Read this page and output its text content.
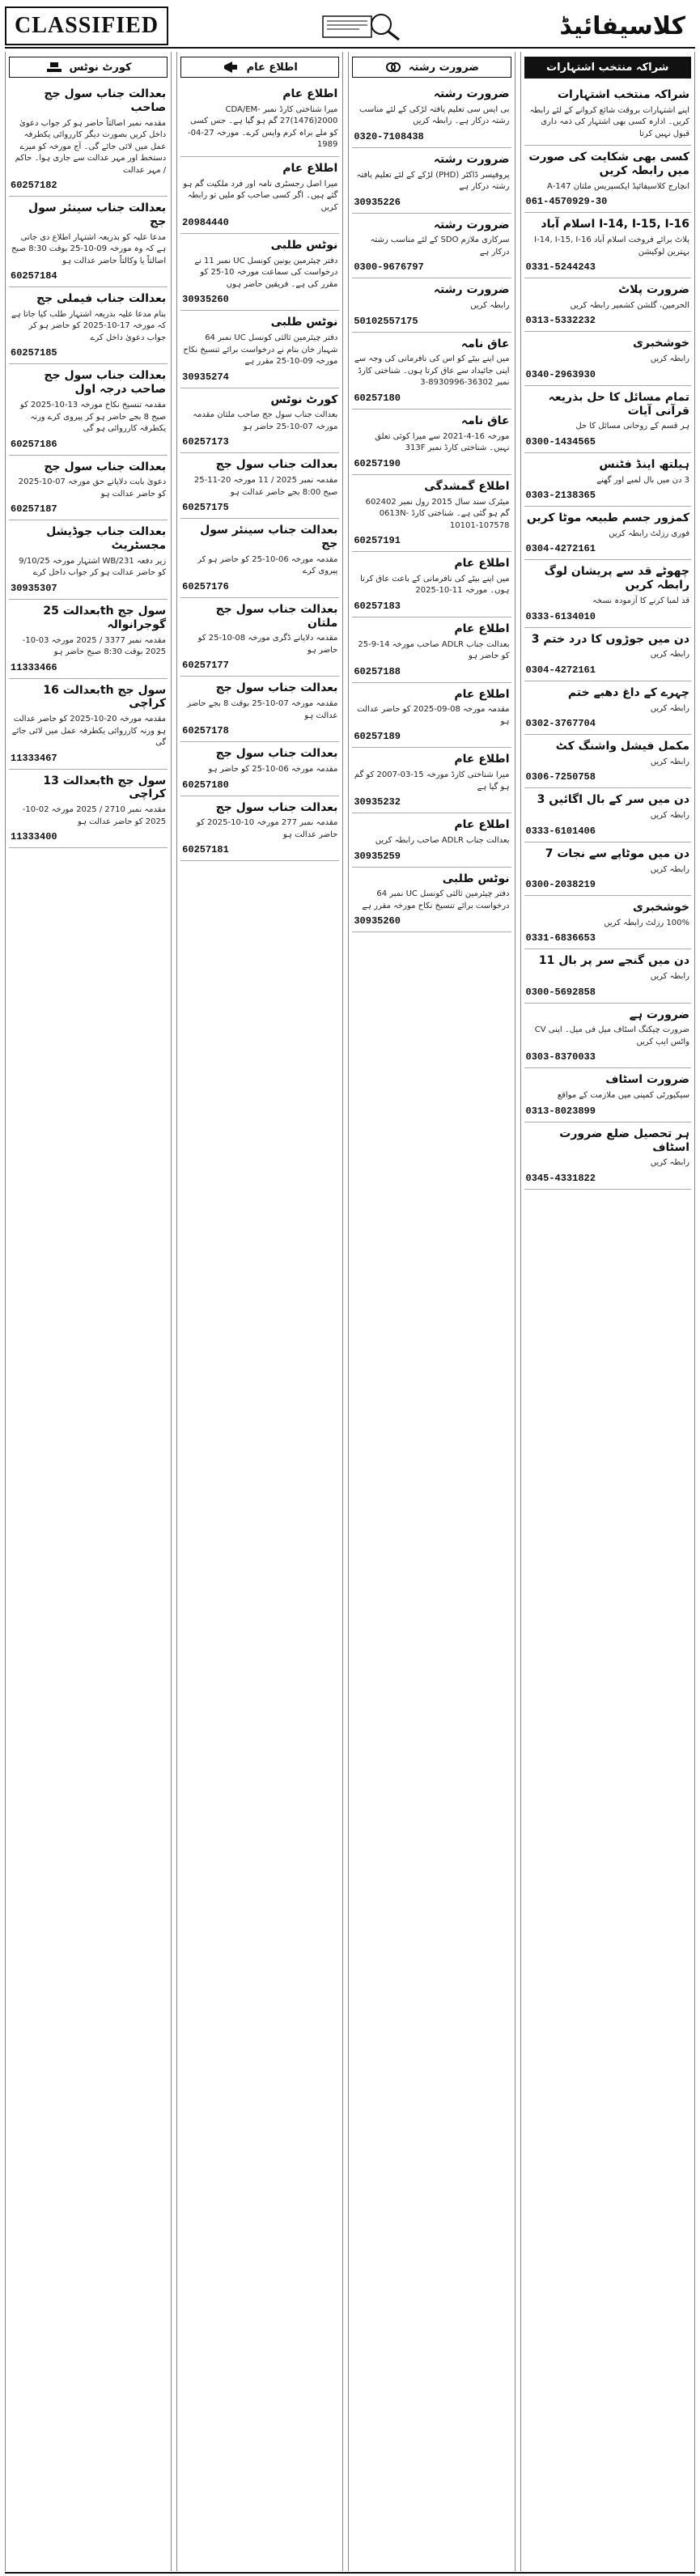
CLASSIFIED	کلاسیفائیڈ
کورٹ نوٹس
بعدالت جناب سول جج صاحب
مقدمہ نمبر اصالتاً حاضر ہو کر جواب دعویٰ داخل کریں بصورت دیگر کارروائی یکطرفہ عمل میں لائی جائے گی۔ آج مورخہ کو میرے دستخط اور مہر عدالت سے جاری ہوا۔ حاکم / مہر عدالت
60257182
بعدالت جناب سینئر سول جج
مدعا علیہ کو بذریعہ اشتہار اطلاع دی جاتی ہے کہ وہ مورخہ 09-10-25 بوقت 8:30 صبح اصالتاً یا وکالتاً حاضر عدالت ہو
60257184
بعدالت جناب فیملی جج
بنام مدعا علیہ بذریعہ اشتہار طلب کیا جاتا ہے کہ مورخہ 17-10-2025 کو حاضر ہو کر جواب دعویٰ داخل کرے
60257185
بعدالت جناب سول جج صاحب درجہ اول
مقدمہ تنسیخ نکاح مورخہ 13-10-2025 کو صبح 8 بجے حاضر ہو کر پیروی کرے ورنہ یکطرفہ کارروائی ہو گی
60257186
بعدالت جناب سول جج
دعویٰ بابت دلاپانے حق مورخہ 07-10-2025 کو حاضر عدالت ہو
60257187
بعدالت جناب جوڈیشل مجسٹریٹ
زیر دفعہ 231/WB اشتہار مورخہ 9/10/25 کو حاضر عدالت ہو کر جواب داخل کرے
30935307
بعدالت 25th سول جج گوجرانوالہ
مقدمہ نمبر 3377 / 2025 مورخہ 03-10-2025 بوقت 8:30 صبح حاضر ہو
11333466
بعدالت 16th سول جج کراچی
مقدمہ مورخہ 20-10-2025 کو حاضر عدالت ہو ورنہ کارروائی یکطرفہ عمل میں لائی جائے گی
11333467
بعدالت 13th سول جج کراچی
مقدمہ نمبر 2710 / 2025 مورخہ 02-10-2025 کو حاضر عدالت ہو
11333400
اطلاع عام
اطلاع عام
میرا شناختی کارڈ نمبر CDA/EM-27(1476)2000 گم ہو گیا ہے۔ جس کسی کو ملے براہ کرم واپس کرے۔ مورخہ 27-04-1989
اطلاع عام
میرا اصل رجسٹری نامہ اور فرد ملکیت گم ہو گئے ہیں۔ اگر کسی صاحب کو ملیں تو رابطہ کریں
20984440
نوٹس طلبی
دفتر چیئرمین یونین کونسل UC نمبر 11 نے درخواست کی سماعت مورخہ 10-25 کو مقرر کی ہے۔ فریقین حاضر ہوں
30935260
نوٹس طلبی
دفتر چیئرمین ثالثی کونسل UC نمبر 64 شہباز خان بنام نے درخواست برائے تنسیخ نکاح مورخہ 09-10-25 مقرر ہے
30935274
کورٹ نوٹس
بعدالت جناب سول جج صاحب ملتان مقدمہ مورخہ 07-10-25 حاضر ہو
60257173
بعدالت جناب سول جج
مقدمہ نمبر 2025 / 11 مورخہ 20-11-25 صبح 8:00 بجے حاضر عدالت ہو
60257175
بعدالت جناب سینئر سول جج
مقدمہ مورخہ 06-10-25 کو حاضر ہو کر پیروی کرے
60257176
بعدالت جناب سول جج ملتان
مقدمہ دلاپانے ڈگری مورخہ 08-10-25 کو حاضر ہو
60257177
بعدالت جناب سول جج
مقدمہ مورخہ 07-10-25 بوقت 8 بجے حاضر عدالت ہو
60257178
بعدالت جناب سول جج
مقدمہ مورخہ 06-10-25 کو حاضر ہو
60257180
بعدالت جناب سول جج
مقدمہ نمبر 277 مورخہ 10-10-2025 کو حاضر عدالت ہو
60257181
ضرورت رشتہ
ضرورت رشتہ
بی ایس سی تعلیم یافتہ لڑکی کے لئے مناسب رشتہ درکار ہے۔ رابطہ کریں
0320-7108438
ضرورت رشتہ
پروفیسر ڈاکٹر (PHD) لڑکے کے لئے تعلیم یافتہ رشتہ درکار ہے
30935226
ضرورت رشتہ
سرکاری ملازم SDO کے لئے مناسب رشتہ درکار ہے
0300-9676797
ضرورت رشتہ
رابطہ کریں
50102557175
عاق نامہ
میں اپنے بیٹے کو اس کی نافرمانی کی وجہ سے اپنی جائیداد سے عاق کرتا ہوں۔ شناختی کارڈ نمبر 36302-8930996-3
60257180
عاق نامہ
مورخہ 16-4-2021 سے میرا کوئی تعلق نہیں۔ شناختی کارڈ نمبر 313F
60257190
اطلاع گمشدگی
میٹرک سند سال 2015 رول نمبر 602402 گم ہو گئی ہے۔ شناختی کارڈ 0613N-10101-107578
60257191
اطلاع عام
میں اپنے بیٹے کی نافرمانی کے باعث عاق کرتا ہوں۔ مورخہ 11-10-2025
60257183
اطلاع عام
بعدالت جناب ADLR صاحب مورخہ 14-9-25 کو حاضر ہو
60257188
اطلاع عام
مقدمہ مورخہ 08-09-2025 کو حاضر عدالت ہو
60257189
اطلاع عام
میرا شناختی کارڈ مورخہ 15-03-2007 کو گم ہو گیا ہے
30935232
اطلاع عام
بعدالت جناب ADLR صاحب رابطہ کریں
30935259
نوٹس طلبی
دفتر چیئرمین ثالثی کونسل UC نمبر 64 درخواست برائے تنسیخ نکاح مورخہ مقرر ہے
30935260
شراکہ منتخب اشتہارات
شراکہ منتخب اشتہارات
اپنے اشتہارات بروقت شائع کروانے کے لئے رابطہ کریں۔ ادارہ کسی بھی اشتہار کی ذمہ داری قبول نہیں کرتا
کسی بھی شکایت کی صورت میں رابطہ کریں
انچارج کلاسیفائیڈ ایکسپریس ملتان 147-A
061-4570929-30
اسلام آباد I-14, I-15, I-16
پلاٹ برائے فروخت اسلام آباد I-14, I-15, I-16 بہترین لوکیشن
0331-5244243
ضرورت پلاٹ
الحرمین، گلشن کشمیر رابطہ کریں
0313-5332232
خوشخبری
رابطہ کریں
0340-2963930
تمام مسائل کا حل بذریعہ قرآنی آیات
ہر قسم کے روحانی مسائل کا حل
0300-1434565
ہیلتھ اینڈ فٹنس
3 دن میں بال لمبے اور گھنے
0303-2138365
کمزور جسم طبیعہ موٹا کریں
فوری رزلٹ رابطہ کریں
0304-4272161
چھوٹے قد سے پریشان لوگ رابطہ کریں
قد لمبا کرنے کا آزمودہ نسخہ
0333-6134010
3 دن میں جوڑوں کا درد ختم
رابطہ کریں
0304-4272161
چہرے کے داغ دھبے ختم
رابطہ کریں
0302-3767704
مکمل فیشل واشنگ کٹ
رابطہ کریں
0306-7250758
3 دن میں سر کے بال اگائیں
رابطہ کریں
0333-6101406
7 دن میں موٹاپے سے نجات
رابطہ کریں
0300-2038219
خوشخبری
100% رزلٹ رابطہ کریں
0331-6836653
11 دن میں گنجے سر پر بال
رابطہ کریں
0300-5692858
ضرورت ہے
ضرورت چیکنگ اسٹاف میل فی میل۔ اپنی CV واٹس ایپ کریں
0303-8370033
ضرورت اسٹاف
سیکیورٹی کمپنی میں ملازمت کے مواقع
0313-8023899
ہر تحصیل ضلع ضرورت اسٹاف
رابطہ کریں
0345-4331822
